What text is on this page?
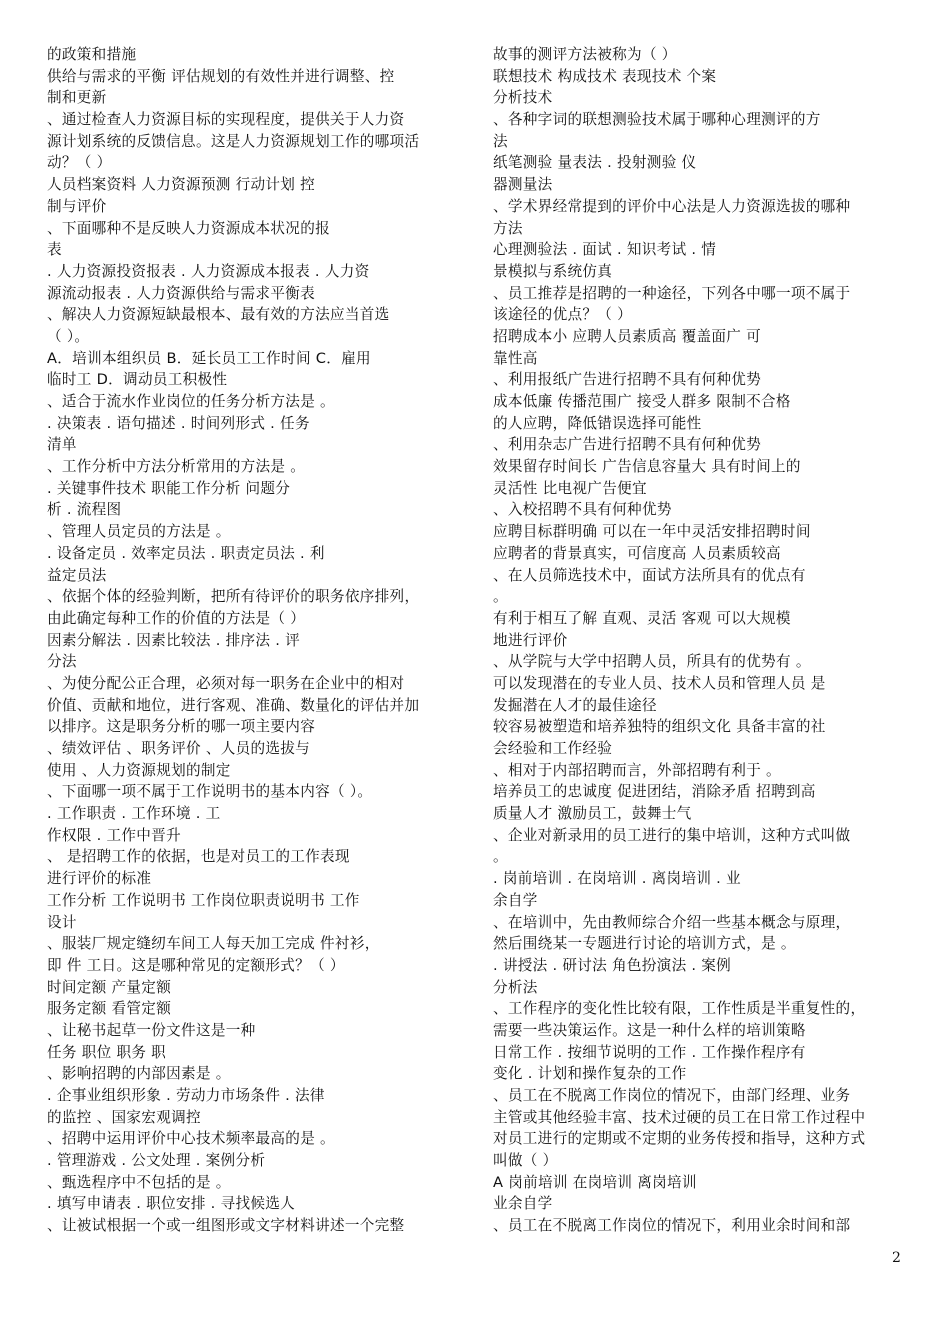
的政策和措施
供给与需求的平衡 评估规划的有效性并进行调整、控
制和更新
、通过检查人力资源目标的实现程度，提供关于人力资
源计划系统的反馈信息。这是人力资源规划工作的哪项活
动？（ ）
人员档案资料 人力资源预测 行动计划 控
制与评价
、下面哪种不是反映人力资源成本状况的报
表
. 人力资源投资报表 . 人力资源成本报表 . 人力资
源流动报表 . 人力资源供给与需求平衡表
、解决人力资源短缺最根本、最有效的方法应当首选
（ ）。
A．培训本组织员 B．延长员工工作时间 C．雇用
临时工 D．调动员工积极性
、适合于流水作业岗位的任务分析方法是 。
. 决策表 . 语句描述 . 时间列形式 . 任务
清单
、工作分析中方法分析常用的方法是 。
. 关键事件技术 职能工作分析 问题分
析 . 流程图
、管理人员定员的方法是 。
. 设备定员 . 效率定员法 . 职责定员法 . 利
益定员法
、依据个体的经验判断，把所有待评价的职务依序排列，
由此确定每种工作的价值的方法是（ ）
因素分解法 . 因素比较法 . 排序法 . 评
分法
、为使分配公正合理，必须对每一职务在企业中的相对
价值、贡献和地位，进行客观、准确、数量化的评估并加
以排序。这是职务分析的哪一项主要内容
、绩效评估 、职务评价 、人员的选拔与
使用 、人力资源规划的制定
、下面哪一项不属于工作说明书的基本内容（ ）。
. 工作职责 . 工作环境 . 工
作权限 . 工作中晋升
、 是招聘工作的依据，也是对员工的工作表现
进行评价的标准
工作分析 工作说明书 工作岗位职责说明书 工作
设计
、服装厂规定缝纫车间工人每天加工完成 件衬衫，
即 件 工日。这是哪种常见的定额形式？（ ）
时间定额 产量定额
服务定额 看管定额
、让秘书起草一份文件这是一种
任务 职位 职务 职
、影响招聘的内部因素是 。
. 企事业组织形象 . 劳动力市场条件 . 法律
的监控 、国家宏观调控
、招聘中运用评价中心技术频率最高的是 。
. 管理游戏 . 公文处理 . 案例分析
、甄选程序中不包括的是 。
. 填写申请表 . 职位安排 . 寻找候选人
、让被试根据一个或一组图形或文字材料讲述一个完整
故事的测评方法被称为（ ）
联想技术 构成技术 表现技术 个案
分析技术
、各种字词的联想测验技术属于哪种心理测评的方
法
纸笔测验 量表法 . 投射测验 仪
器测量法
、学术界经常提到的评价中心法是人力资源选拔的哪种
方法
心理测验法 . 面试 . 知识考试 . 情
景模拟与系统仿真
、员工推荐是招聘的一种途径，下列各中哪一项不属于
该途径的优点？（ ）
招聘成本小 应聘人员素质高 覆盖面广 可
靠性高
、利用报纸广告进行招聘不具有何种优势
成本低廉 传播范围广 接受人群多 限制不合格
的人应聘，降低错误选择可能性
、利用杂志广告进行招聘不具有何种优势
效果留存时间长 广告信息容量大 具有时间上的
灵活性 比电视广告便宜
、入校招聘不具有何种优势
应聘目标群明确 可以在一年中灵活安排招聘时间
应聘者的背景真实，可信度高 人员素质较高
、在人员筛选技术中，面试方法所具有的优点有
。
有利于相互了解 直观、灵活 客观 可以大规模
地进行评价
、从学院与大学中招聘人员，所具有的优势有 。
可以发现潜在的专业人员、技术人员和管理人员 是
发掘潜在人才的最佳途径
较容易被塑造和培养独特的组织文化 具备丰富的社
会经验和工作经验
、相对于内部招聘而言，外部招聘有利于 。
培养员工的忠诚度 促进团结，消除矛盾 招聘到高
质量人才 激励员工，鼓舞士气
、企业对新录用的员工进行的集中培训，这种方式叫做
。
. 岗前培训 . 在岗培训 . 离岗培训 . 业
余自学
、在培训中，先由教师综合介绍一些基本概念与原理，
然后围绕某一专题进行讨论的培训方式，是 。
. 讲授法 . 研讨法 角色扮演法 . 案例
分析法
、工作程序的变化性比较有限，工作性质是半重复性的，
需要一些决策运作。这是一种什么样的培训策略
日常工作 . 按细节说明的工作 . 工作操作程序有
变化 . 计划和操作复杂的工作
、员工在不脱离工作岗位的情况下，由部门经理、业务
主管或其他经验丰富、技术过硬的员工在日常工作过程中
对员工进行的定期或不定期的业务传授和指导，这种方式
叫做（ ）
A 岗前培训 在岗培训 离岗培训
业余自学
、员工在不脱离工作岗位的情况下，利用业余时间和部
2
